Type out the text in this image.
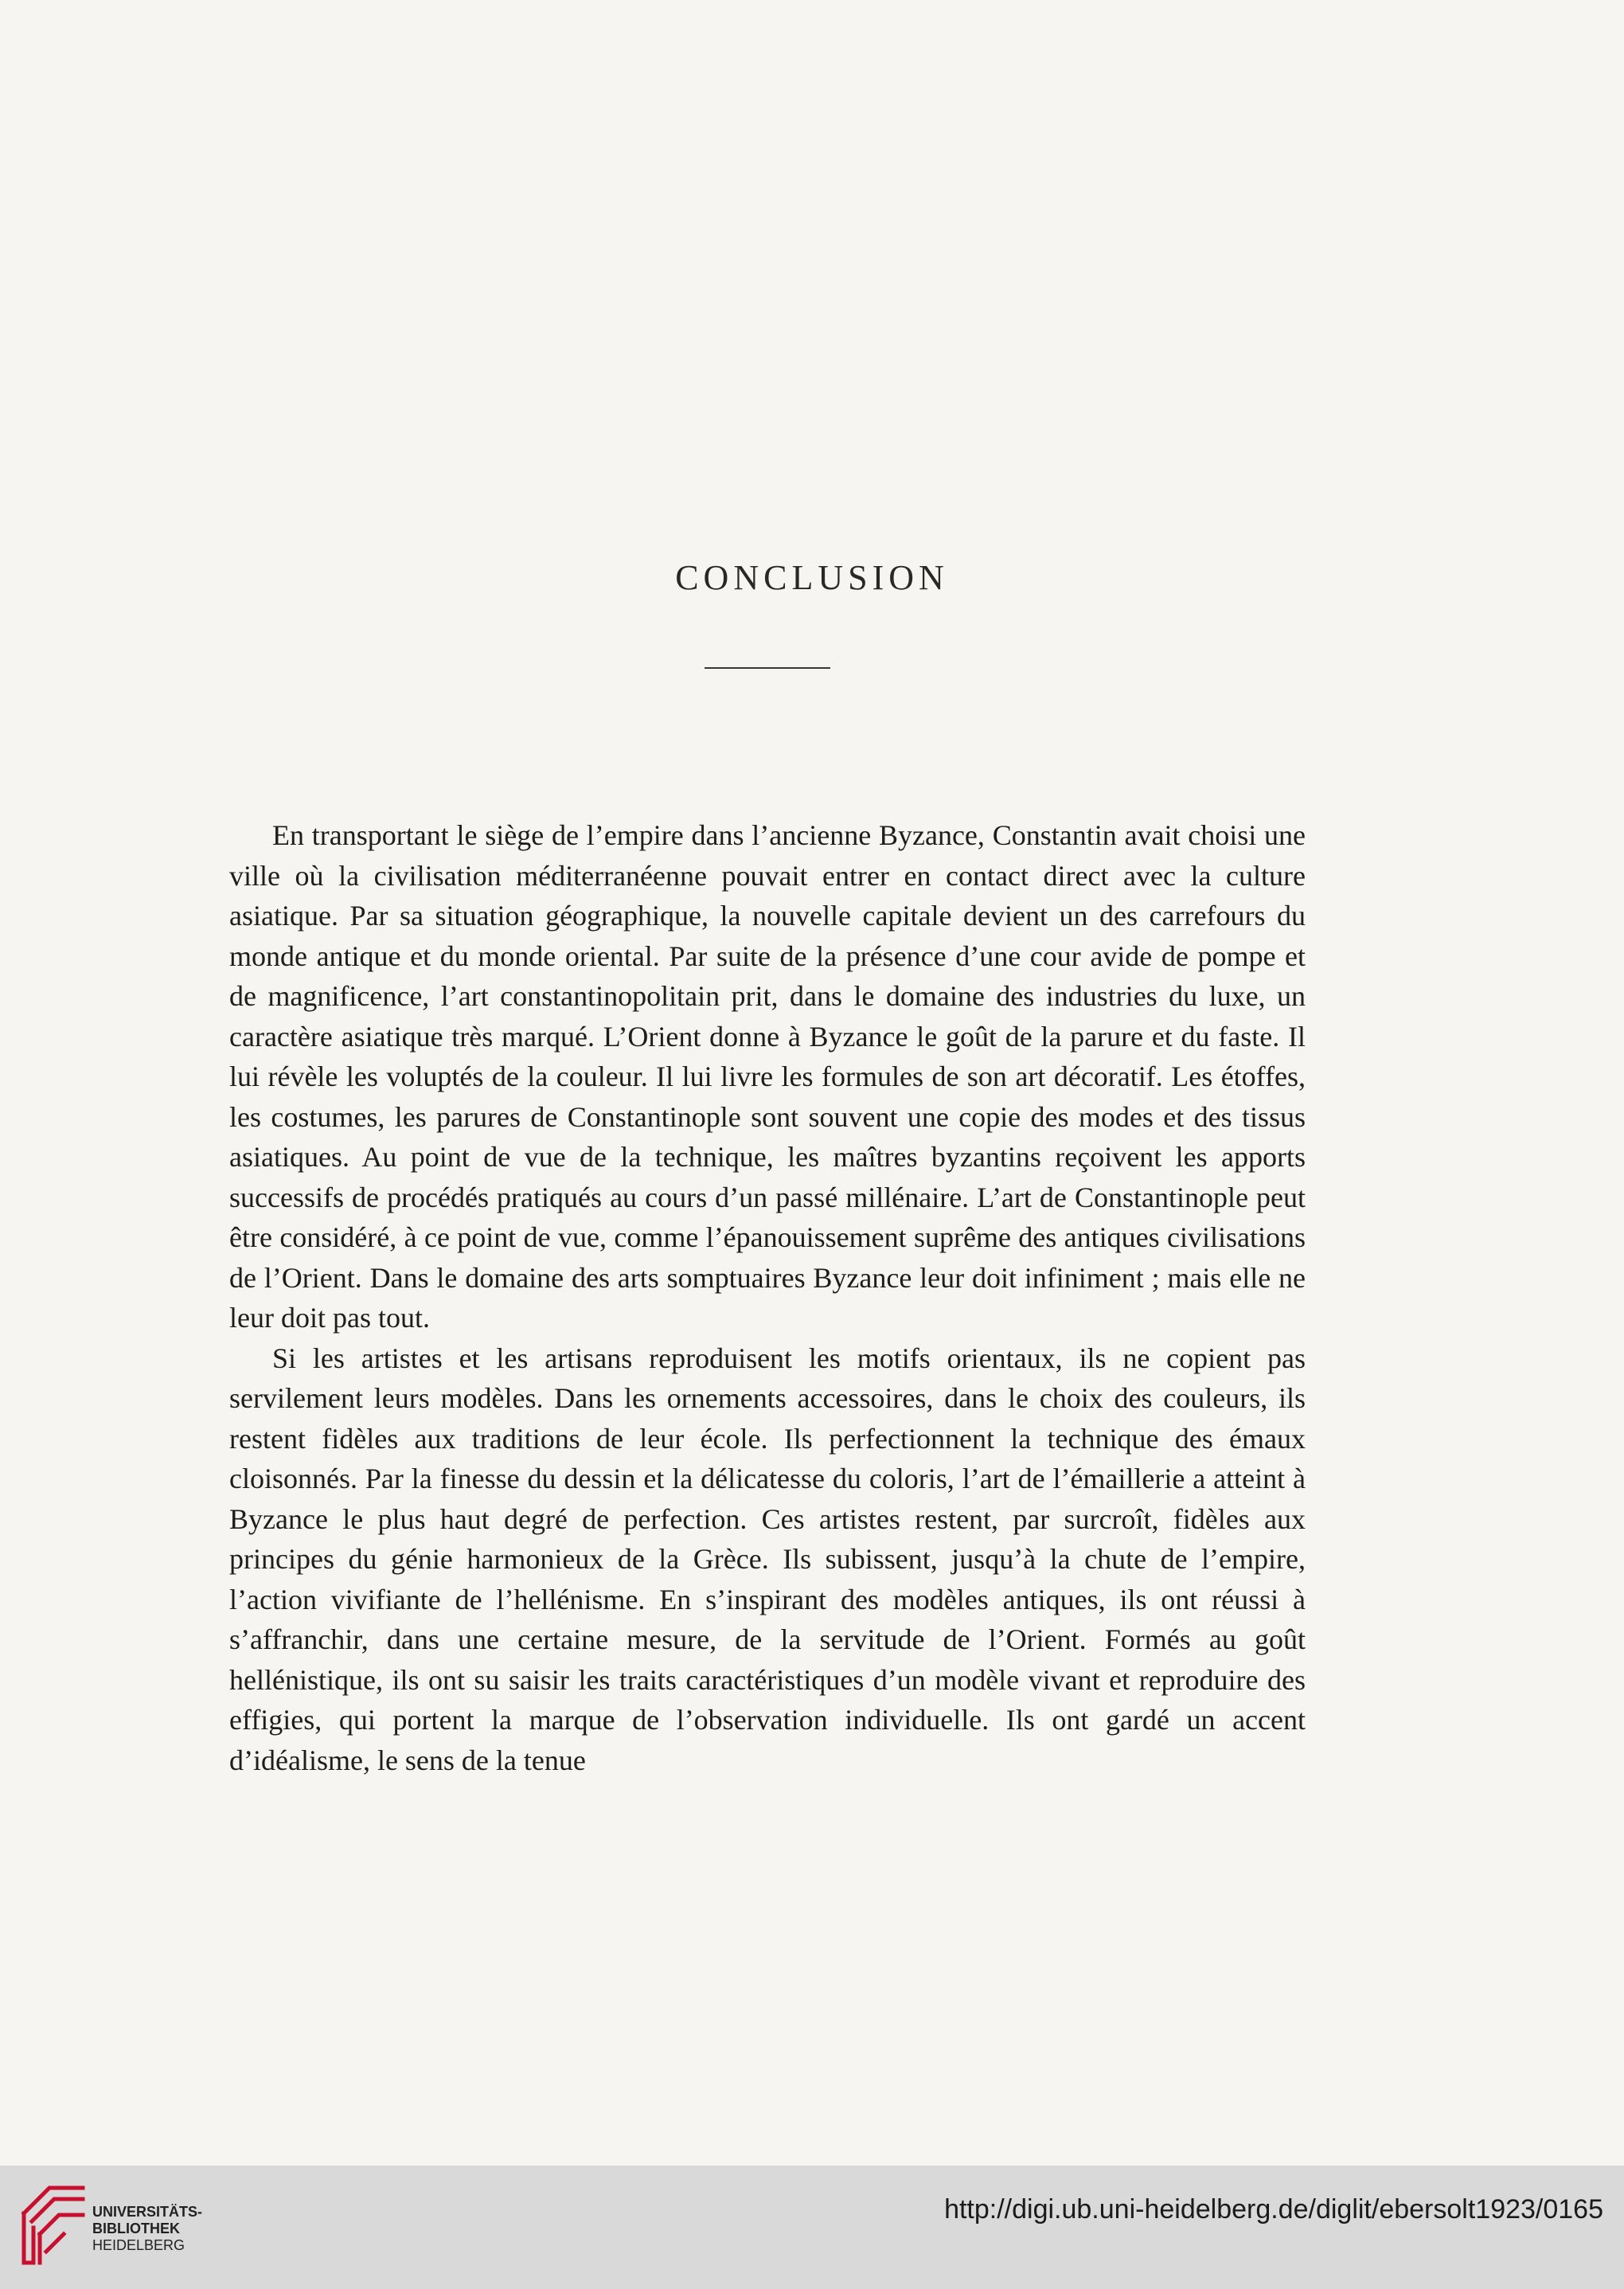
CONCLUSION

En transportant le siège de l’empire dans l’ancienne Byzance, Constantin avait choisi une ville où la civilisation méditerranéenne pouvait entrer en contact direct avec la culture asiatique. Par sa situation géographique, la nouvelle capitale devient un des carrefours du monde antique et du monde oriental. Par suite de la présence d’une cour avide de pompe et de magnificence, l’art constantinopolitain prit, dans le domaine des industries du luxe, un caractère asiatique très marqué. L’Orient donne à Byzance le goût de la parure et du faste. Il lui révèle les voluptés de la couleur. Il lui livre les formules de son art décoratif. Les étoffes, les costumes, les parures de Constantinople sont souvent une copie des modes et des tissus asiatiques. Au point de vue de la technique, les maîtres byzantins reçoivent les apports successifs de procédés pratiqués au cours d’un passé millénaire. L’art de Constantinople peut être considéré, à ce point de vue, comme l’épanouissement suprême des antiques civilisations de l’Orient. Dans le domaine des arts somptuaires Byzance leur doit infiniment ; mais elle ne leur doit pas tout.

Si les artistes et les artisans reproduisent les motifs orientaux, ils ne copient pas servilement leurs modèles. Dans les ornements accessoires, dans le choix des couleurs, ils restent fidèles aux traditions de leur école. Ils perfectionnent la technique des émaux cloisonnés. Par la finesse du dessin et la délicatesse du coloris, l’art de l’émaillerie a atteint à Byzance le plus haut degré de perfection. Ces artistes restent, par surcroît, fidèles aux principes du génie harmonieux de la Grèce. Ils subissent, jusqu’à la chute de l’empire, l’action vivifiante de l’hellénisme. En s’inspirant des modèles antiques, ils ont réussi à s’affranchir, dans une certaine mesure, de la servitude de l’Orient. Formés au goût hellénistique, ils ont su saisir les traits caractéristiques d’un modèle vivant et reproduire des effigies, qui portent la marque de l’observation individuelle. Ils ont gardé un accent d’idéalisme, le sens de la tenue

UNIVERSITÄTS-
BIBLIOTHEK
HEIDELBERG
http://digi.ub.uni-heidelberg.de/diglit/ebersolt1923/0165
